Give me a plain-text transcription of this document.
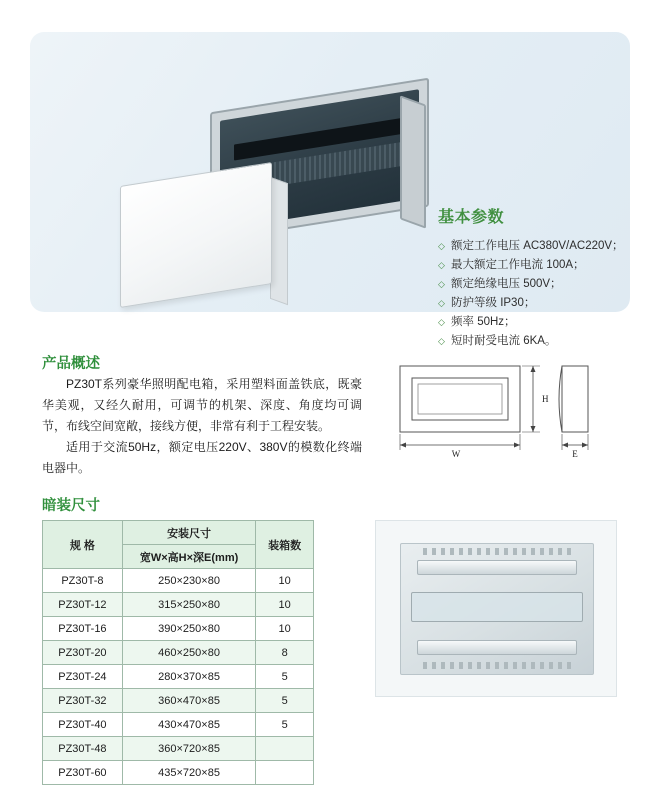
基本参数
◇ 额定工作电压 AC380V/AC220V；
◇ 最大额定工作电流 100A；
◇ 额定绝缘电压 500V；
◇ 防护等级 IP30；
◇ 频率 50Hz；
◇ 短时耐受电流 6KA。
产品概述

PZ30T系列豪华照明配电箱，采用塑料面盖铁底，既豪华美观，又经久耐用，可调节的机架、深度、角度均可调节，布线空间宽敞，接线方便，非常有利于工程安装。

适用于交流50Hz，额定电压220V、380V的模数化终端电器中。

W
H
E
暗装尺寸
规 格	安装尺寸	装箱数
	宽W×高H×深E(mm)	
PZ30T-8	250×230×80	10
PZ30T-12	315×250×80	10
PZ30T-16	390×250×80	10
PZ30T-20	460×250×80	8
PZ30T-24	280×370×85	5
PZ30T-32	360×470×85	5
PZ30T-40	430×470×85	5
PZ30T-48	360×720×85	
PZ30T-60	435×720×85	
